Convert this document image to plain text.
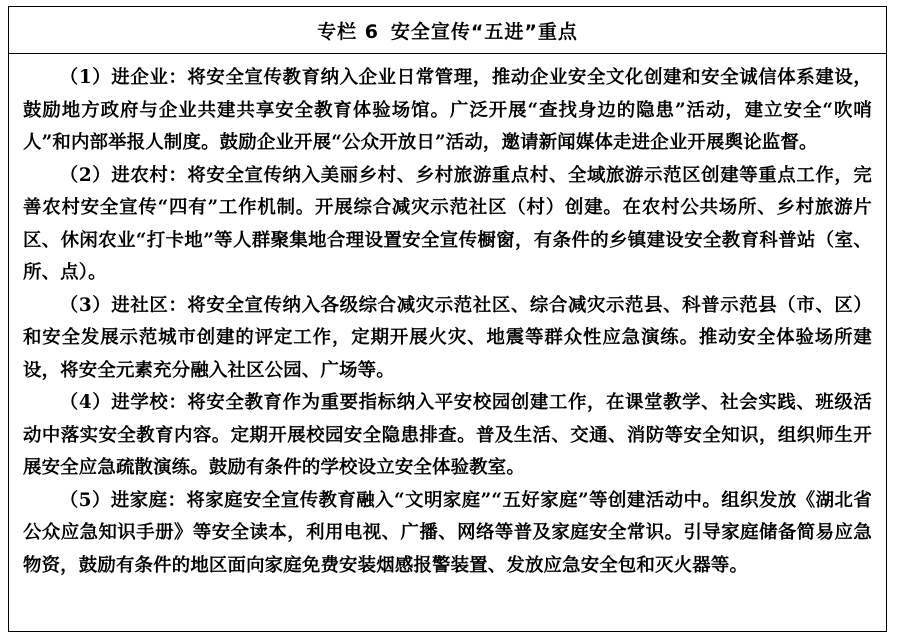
专栏 6 安全宣传“五进”重点

（1）进企业：将安全宣传教育纳入企业日常管理，推动企业安全文化创建和安全诚信体系建设，鼓励地方政府与企业共建共享安全教育体验场馆。广泛开展“查找身边的隐患”活动，建立安全“吹哨人”和内部举报人制度。鼓励企业开展“公众开放日”活动，邀请新闻媒体走进企业开展舆论监督。

（2）进农村：将安全宣传纳入美丽乡村、乡村旅游重点村、全域旅游示范区创建等重点工作，完善农村安全宣传“四有”工作机制。开展综合减灾示范社区（村）创建。在农村公共场所、乡村旅游片区、休闲农业“打卡地”等人群聚集地合理设置安全宣传橱窗，有条件的乡镇建设安全教育科普站（室、所、点）。

（3）进社区：将安全宣传纳入各级综合减灾示范社区、综合减灾示范县、科普示范县（市、区）和安全发展示范城市创建的评定工作，定期开展火灾、地震等群众性应急演练。推动安全体验场所建设，将安全元素充分融入社区公园、广场等。

（4）进学校：将安全教育作为重要指标纳入平安校园创建工作，在课堂教学、社会实践、班级活动中落实安全教育内容。定期开展校园安全隐患排查。普及生活、交通、消防等安全知识，组织师生开展安全应急疏散演练。鼓励有条件的学校设立安全体验教室。

（5）进家庭：将家庭安全宣传教育融入“文明家庭”“五好家庭”等创建活动中。组织发放《湖北省公众应急知识手册》等安全读本，利用电视、广播、网络等普及家庭安全常识。引导家庭储备简易应急物资，鼓励有条件的地区面向家庭免费安装烟感报警装置、发放应急安全包和灭火器等。
